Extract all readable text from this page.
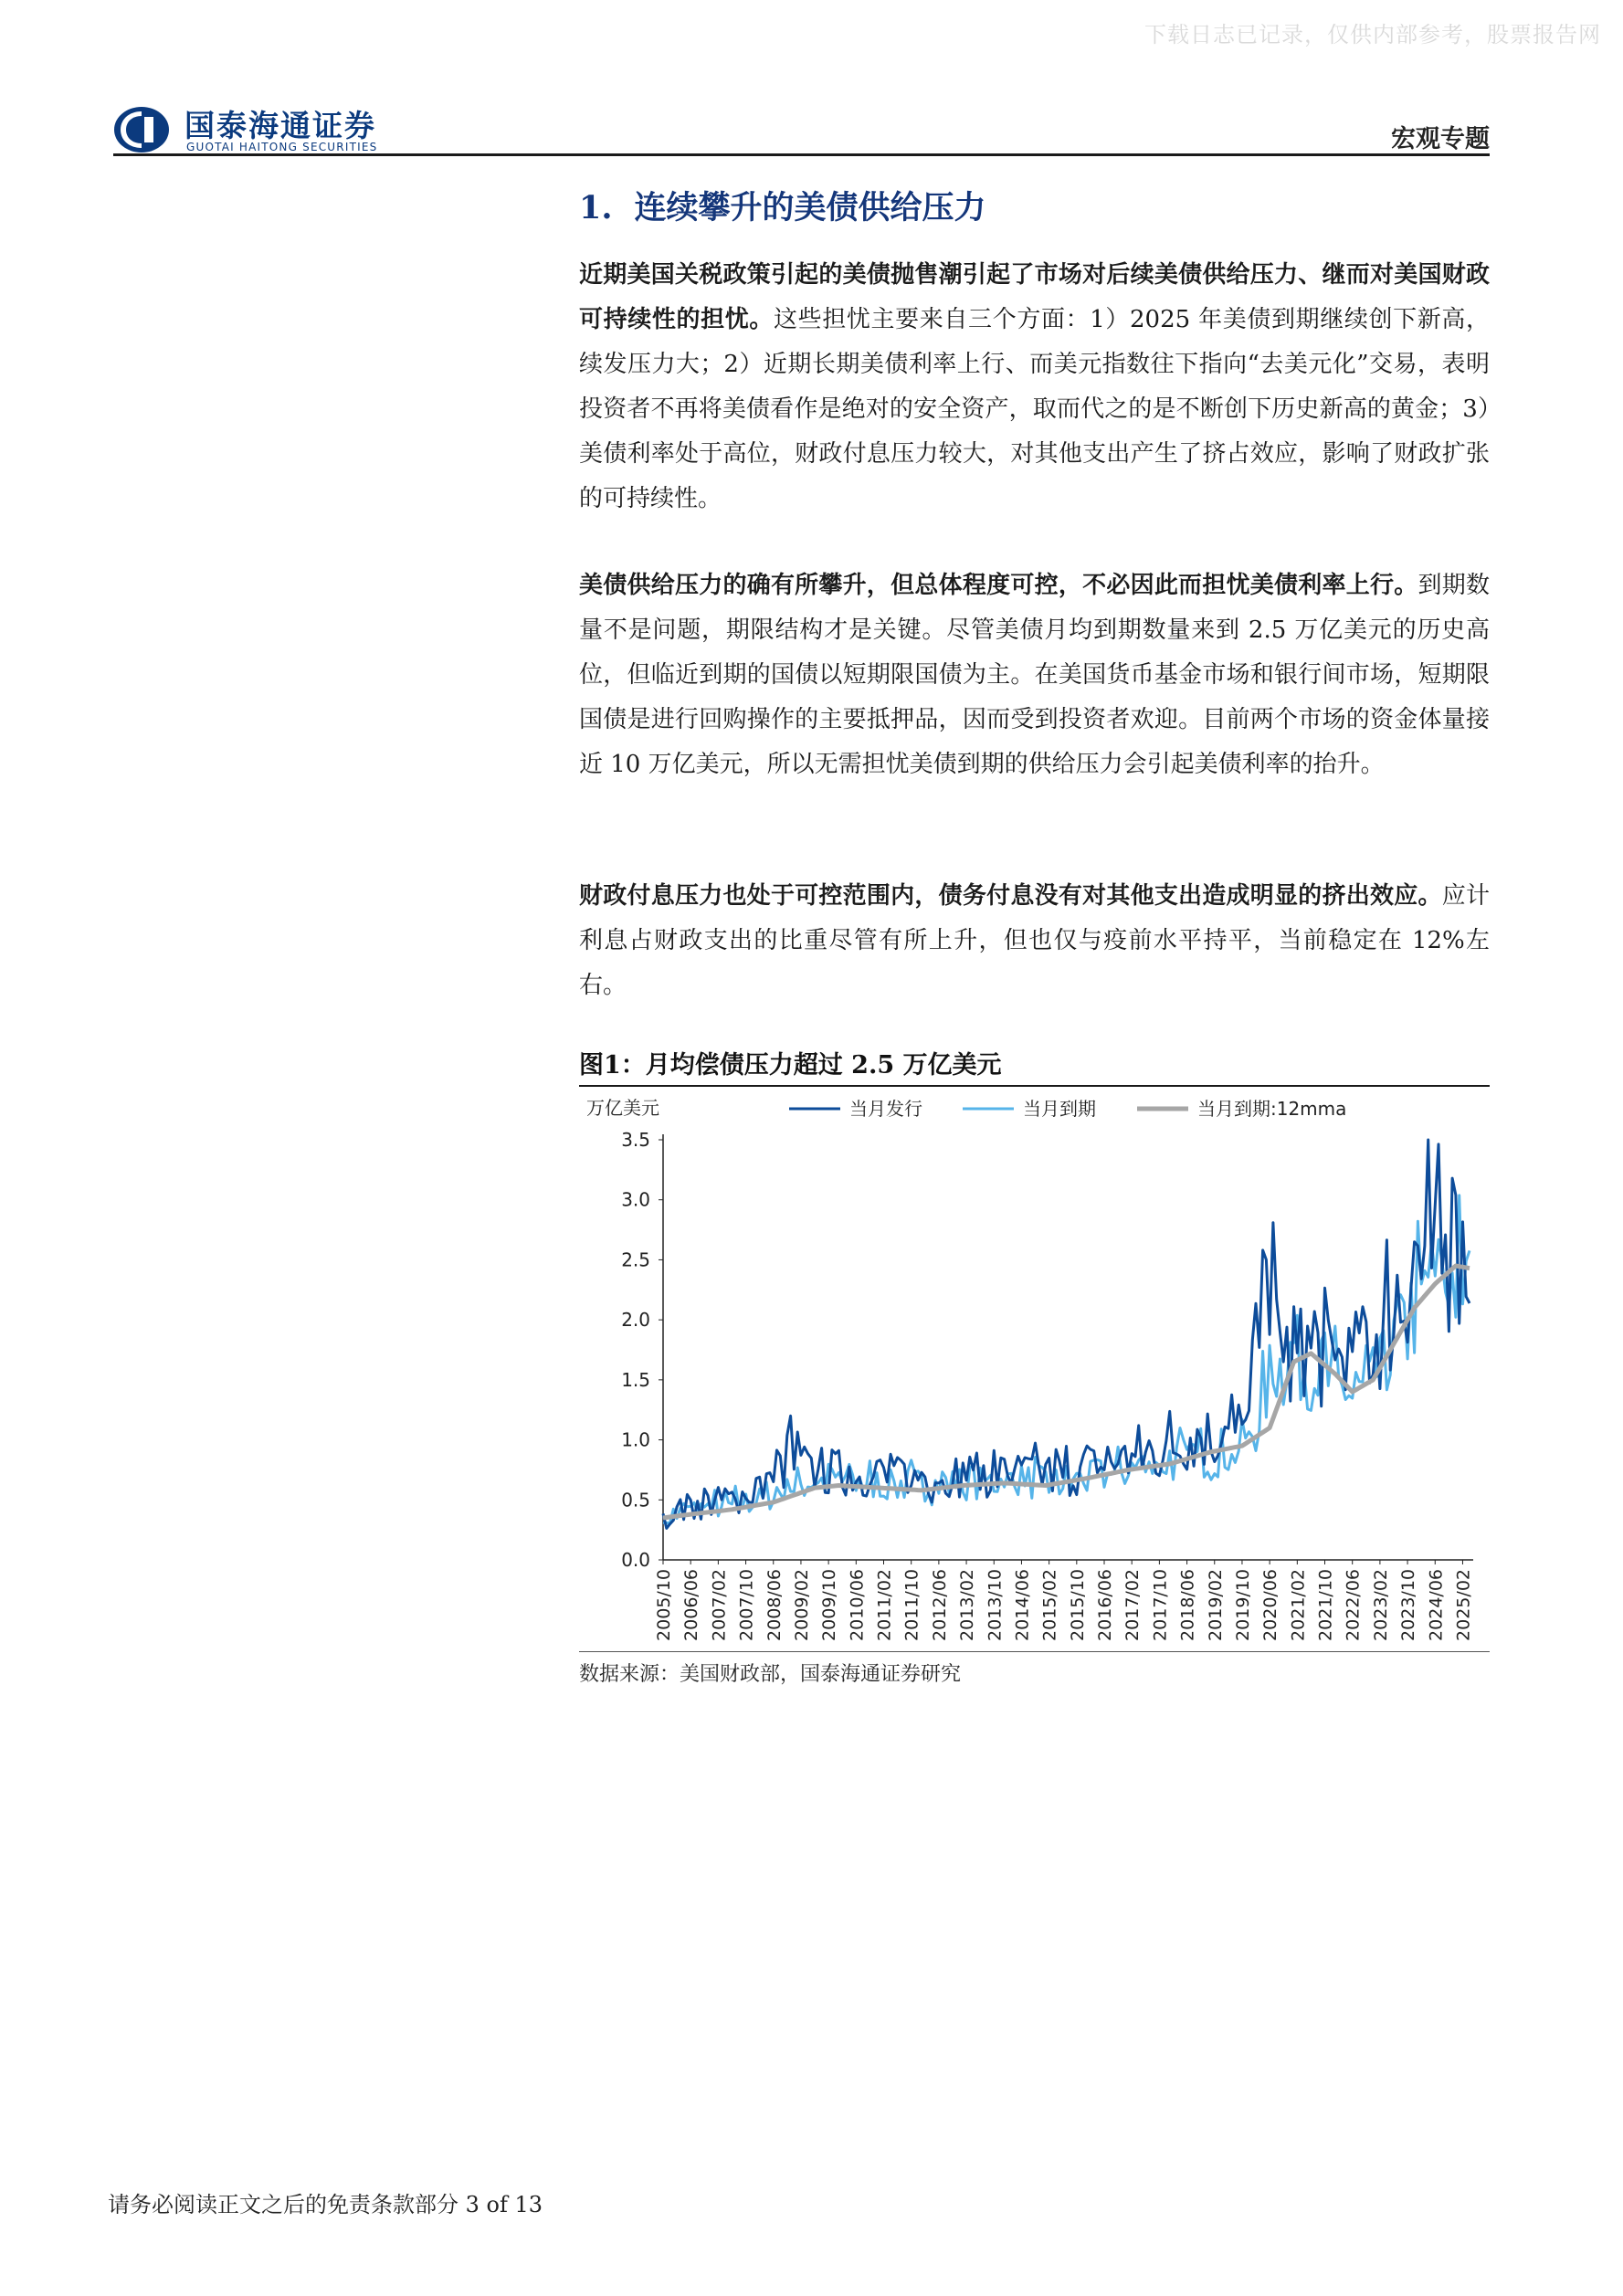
下载日志已记录，仅供内部参考，股票报告网
国泰海通证券
GUOTAI HAITONG SECURITIES	宏观专题
1. 连续攀升的美债供给压力
近期美国关税政策引起的美债抛售潮引起了市场对后续美债供给压力、继而对美国财政可持续性的担忧。这些担忧主要来自三个方面：1）2025 年美债到期继续创下新高，续发压力大；2）近期长期美债利率上行、而美元指数往下指向“去美元化”交易，表明投资者不再将美债看作是绝对的安全资产，取而代之的是不断创下历史新高的黄金；3）美债利率处于高位，财政付息压力较大，对其他支出产生了挤占效应，影响了财政扩张的可持续性。
美债供给压力的确有所攀升，但总体程度可控，不必因此而担忧美债利率上行。到期数量不是问题，期限结构才是关键。尽管美债月均到期数量来到 2.5 万亿美元的历史高位，但临近到期的国债以短期限国债为主。在美国货币基金市场和银行间市场，短期限国债是进行回购操作的主要抵押品，因而受到投资者欢迎。目前两个市场的资金体量接近 10 万亿美元，所以无需担忧美债到期的供给压力会引起美债利率的抬升。
财政付息压力也处于可控范围内，债务付息没有对其他支出造成明显的挤出效应。应计利息占财政支出的比重尽管有所上升，但也仅与疫前水平持平，当前稳定在 12%左右。
图1：月均偿债压力超过 2.5 万亿美元
0.0
0.5
1.0
1.5
2.0
2.5
3.0
3.5
万亿美元
2005/10 2006/06 2007/02 2007/10 2008/06 2009/02 2009/10 2010/06 2011/02 2011/10 2012/06 2013/02 2013/10 2014/06 2015/02 2015/10 2016/06 2017/02 2017/10 2018/06 2019/02 2019/10 2020/06 2021/02 2021/10 2022/06 2023/02 2023/10 2024/06 2025/02
当月发行	当月到期	当月到期:12mma
数据来源：美国财政部，国泰海通证券研究
请务必阅读正文之后的免责条款部分 3 of 13
